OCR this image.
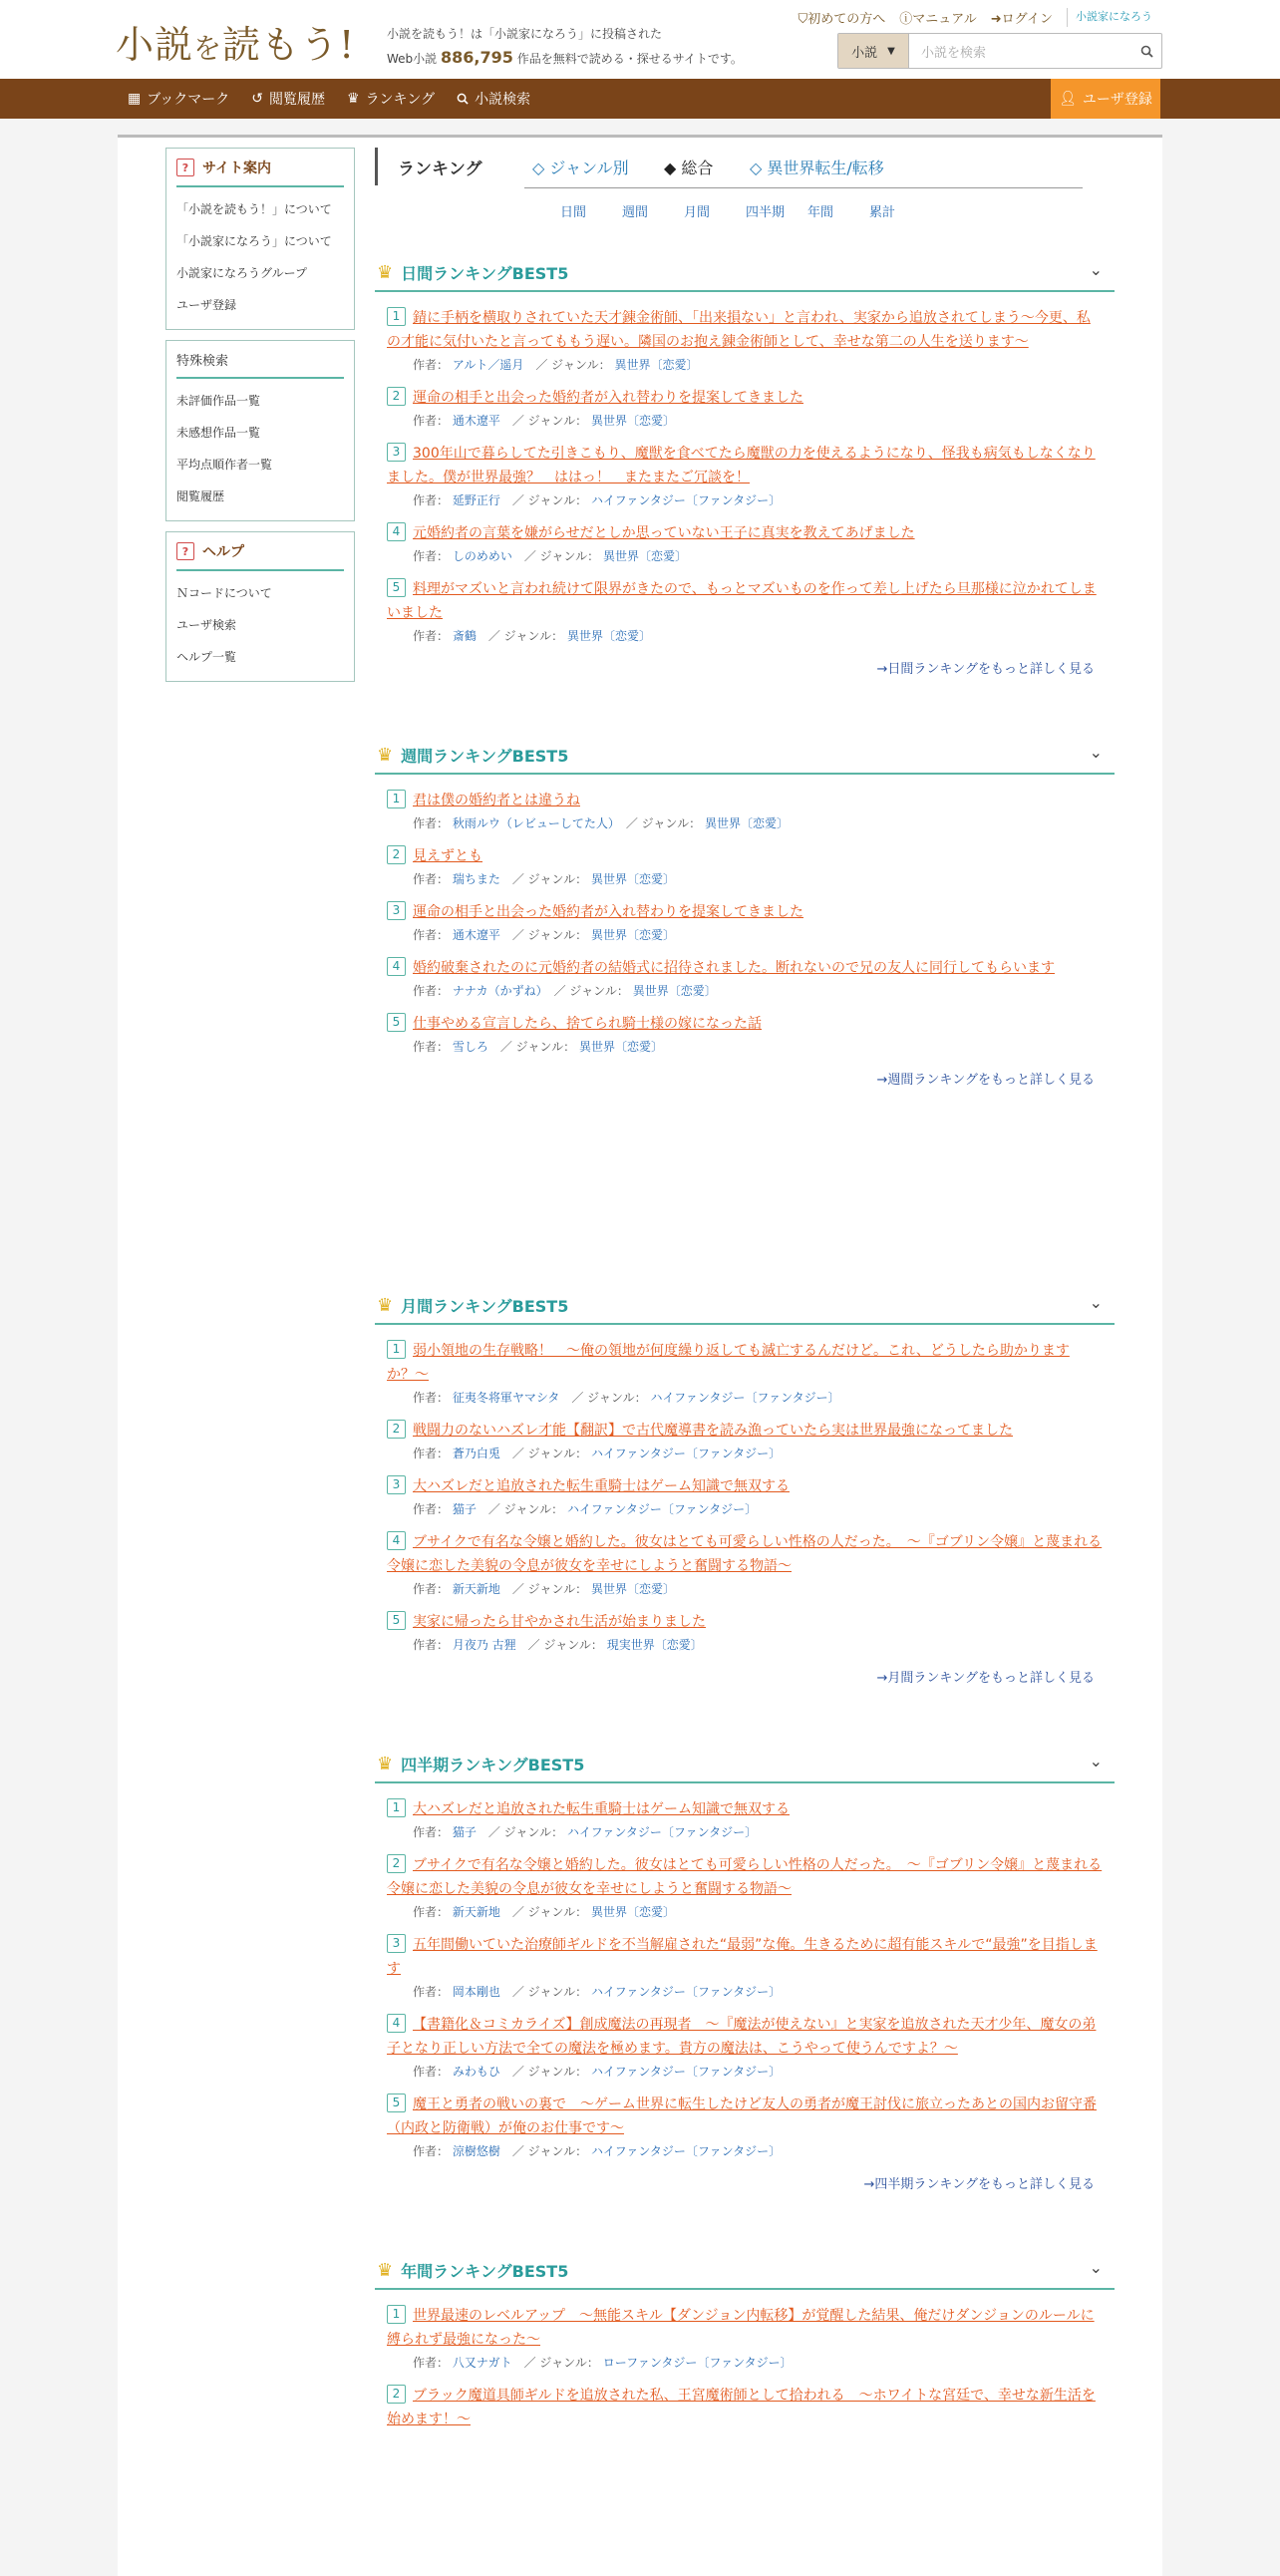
小説を読もう!	小説を読もう！は「小説家になろう」に投稿された
Web小説 886,795 作品を無料で読める・探せるサイトです。
⛉初めての方へ ⓘマニュアル ➜ログイン	小説家になろう
小説 ▼	小説を検索
▦ ブックマーク ↺ 閲覧履歴 ♛ ランキング	小説検索	👤︎ ユーザ登録
? サイト案内
「小説を読もう！」について
「小説家になろう」について
小説家になろうグループ
ユーザ登録
特殊検索
未評価作品一覧
未感想作品一覧
平均点順作者一覧
閲覧履歴
? ヘルプ
Ｎコードについて
ユーザ検索
ヘルプ一覧
ランキング	◇ ジャンル別 ◆ 総合 ◇ 異世界転生/転移
日間	週間	月間	四半期	年間	累計
♛ 日間ランキングBEST5	⌄
1 錆に手柄を横取りされていた天才錬金術師、「出来損ない」と言われ、実家から追放されてしまう〜今更、私の才能に気付いたと言ってももう遅い。隣国のお抱え錬金術師として、幸せな第二の人生を送ります〜
作者： アルト／遥月　／ ジャンル： 異世界〔恋愛〕
2 運命の相手と出会った婚約者が入れ替わりを提案してきました
作者： 通木遼平　／ ジャンル： 異世界〔恋愛〕
3 300年山で暮らしてた引きこもり、魔獣を食べてたら魔獣の力を使えるようになり、怪我も病気もしなくなりました。僕が世界最強？　ははっ！　またまたご冗談を！
作者： 延野正行　／ ジャンル： ハイファンタジー〔ファンタジー〕
4 元婚約者の言葉を嫌がらせだとしか思っていない王子に真実を教えてあげました
作者： しのめめい　／ ジャンル： 異世界〔恋愛〕
5 料理がマズいと言われ続けて限界がきたので、もっとマズいものを作って差し上げたら旦那様に泣かれてしまいました
作者： 斎鶴　／ ジャンル： 異世界〔恋愛〕
→日間ランキングをもっと詳しく見る
♛ 週間ランキングBEST5	⌄
1 君は僕の婚約者とは違うね
作者： 秋雨ルウ（レビューしてた人）　／ ジャンル： 異世界〔恋愛〕
2 見えずとも
作者： 瑞ちまた　／ ジャンル： 異世界〔恋愛〕
3 運命の相手と出会った婚約者が入れ替わりを提案してきました
作者： 通木遼平　／ ジャンル： 異世界〔恋愛〕
4 婚約破棄されたのに元婚約者の結婚式に招待されました。断れないので兄の友人に同行してもらいます
作者： ナナカ（かずね）　／ ジャンル： 異世界〔恋愛〕
5 仕事やめる宣言したら、捨てられ騎士様の嫁になった話
作者： 雪しろ　／ ジャンル： 異世界〔恋愛〕
→週間ランキングをもっと詳しく見る
♛ 月間ランキングBEST5	⌄
1 弱小領地の生存戦略！　〜俺の領地が何度繰り返しても滅亡するんだけど。これ、どうしたら助かりますか？〜
作者： 征夷冬将軍ヤマシタ　／ ジャンル： ハイファンタジー〔ファンタジー〕
2 戦闘力のないハズレ才能【翻訳】で古代魔導書を読み漁っていたら実は世界最強になってました
作者： 蒼乃白兎　／ ジャンル： ハイファンタジー〔ファンタジー〕
3 大ハズレだと追放された転生重騎士はゲーム知識で無双する
作者： 猫子　／ ジャンル： ハイファンタジー〔ファンタジー〕
4 ブサイクで有名な令嬢と婚約した。彼女はとても可愛らしい性格の人だった。　〜『ゴブリン令嬢』と蔑まれる令嬢に恋した美貌の令息が彼女を幸せにしようと奮闘する物語〜
作者： 新天新地　／ ジャンル： 異世界〔恋愛〕
5 実家に帰ったら甘やかされ生活が始まりました
作者： 月夜乃 古狸　／ ジャンル： 現実世界〔恋愛〕
→月間ランキングをもっと詳しく見る
♛ 四半期ランキングBEST5	⌄
1 大ハズレだと追放された転生重騎士はゲーム知識で無双する
作者： 猫子　／ ジャンル： ハイファンタジー〔ファンタジー〕
2 ブサイクで有名な令嬢と婚約した。彼女はとても可愛らしい性格の人だった。　〜『ゴブリン令嬢』と蔑まれる令嬢に恋した美貌の令息が彼女を幸せにしようと奮闘する物語〜
作者： 新天新地　／ ジャンル： 異世界〔恋愛〕
3 五年間働いていた治療師ギルドを不当解雇された“最弱”な俺。生きるために超有能スキルで“最強”を目指します
作者： 岡本剛也　／ ジャンル： ハイファンタジー〔ファンタジー〕
4 【書籍化＆コミカライズ】創成魔法の再現者　〜『魔法が使えない』と実家を追放された天才少年、魔女の弟子となり正しい方法で全ての魔法を極めます。貴方の魔法は、こうやって使うんですよ？〜
作者： みわもひ　／ ジャンル： ハイファンタジー〔ファンタジー〕
5 魔王と勇者の戦いの裏で　〜ゲーム世界に転生したけど友人の勇者が魔王討伐に旅立ったあとの国内お留守番（内政と防衛戦）が俺のお仕事です〜
作者： 涼樹悠樹　／ ジャンル： ハイファンタジー〔ファンタジー〕
→四半期ランキングをもっと詳しく見る
♛ 年間ランキングBEST5	⌄
1 世界最速のレベルアップ　〜無能スキル【ダンジョン内転移】が覚醒した結果、俺だけダンジョンのルールに縛られず最強になった〜
作者： 八又ナガト　／ ジャンル： ローファンタジー〔ファンタジー〕
2 ブラック魔道具師ギルドを追放された私、王宮魔術師として拾われる　〜ホワイトな宮廷で、幸せな新生活を始めます！〜
